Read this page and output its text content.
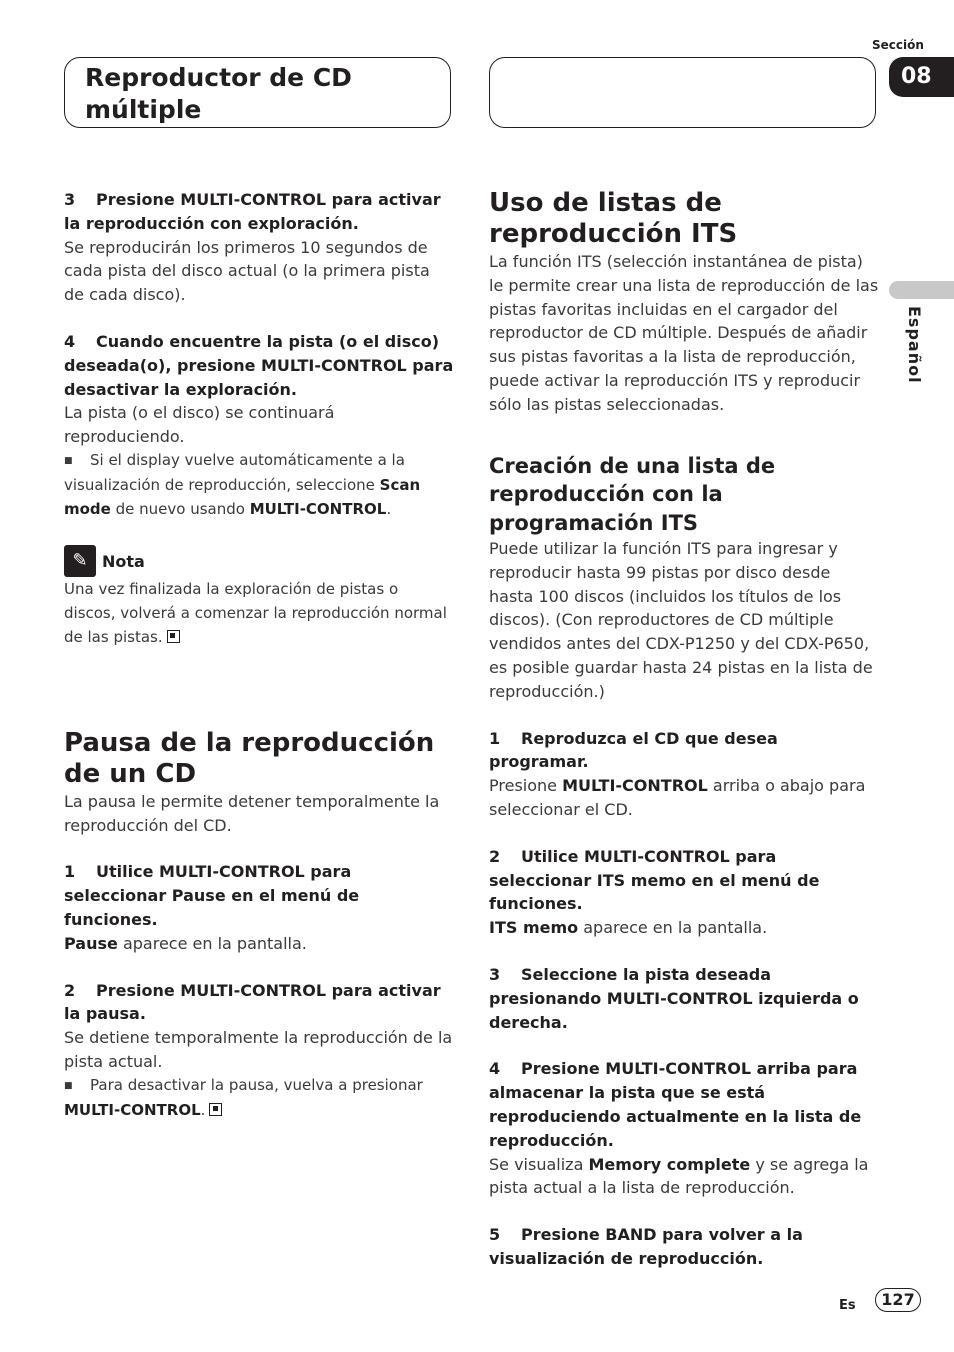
Reproductor de CD
múltiple
Sección
08
Español

3 Presione MULTI-CONTROL para activar la reproducción con exploración.

Se reproducirán los primeros 10 segundos de cada pista del disco actual (o la primera pista de cada disco).

4 Cuando encuentre la pista (o el disco) deseada(o), presione MULTI-CONTROL para desactivar la exploración.

La pista (o el disco) se continuará reproduciendo.

■ Si el display vuelve automáticamente a la visualización de reproducción, seleccione Scan mode de nuevo usando MULTI-CONTROL.

✎ Nota

Una vez finalizada la exploración de pistas o discos, volverá a comenzar la reproducción normal de las pistas.

Pausa de la reproducción de un CD

La pausa le permite detener temporalmente la reproducción del CD.

1 Utilice MULTI-CONTROL para seleccionar Pause en el menú de funciones.

Pause aparece en la pantalla.

2 Presione MULTI-CONTROL para activar la pausa.

Se detiene temporalmente la reproducción de la pista actual.

■ Para desactivar la pausa, vuelva a presionar MULTI-CONTROL.

Uso de listas de reproducción ITS

La función ITS (selección instantánea de pista) le permite crear una lista de reproducción de las pistas favoritas incluidas en el cargador del reproductor de CD múltiple. Después de añadir sus pistas favoritas a la lista de reproducción, puede activar la reproducción ITS y reproducir sólo las pistas seleccionadas.

Creación de una lista de reproducción con la programación ITS

Puede utilizar la función ITS para ingresar y reproducir hasta 99 pistas por disco desde hasta 100 discos (incluidos los títulos de los discos). (Con reproductores de CD múltiple vendidos antes del CDX-P1250 y del CDX-P650, es posible guardar hasta 24 pistas en la lista de reproducción.)

1 Reproduzca el CD que desea programar.

Presione MULTI-CONTROL arriba o abajo para seleccionar el CD.

2 Utilice MULTI-CONTROL para seleccionar ITS memo en el menú de funciones.

ITS memo aparece en la pantalla.

3 Seleccione la pista deseada presionando MULTI-CONTROL izquierda o derecha.

4 Presione MULTI-CONTROL arriba para almacenar la pista que se está reproduciendo actualmente en la lista de reproducción.

Se visualiza Memory complete y se agrega la pista actual a la lista de reproducción.

5 Presione BAND para volver a la visualización de reproducción.

Es	127
